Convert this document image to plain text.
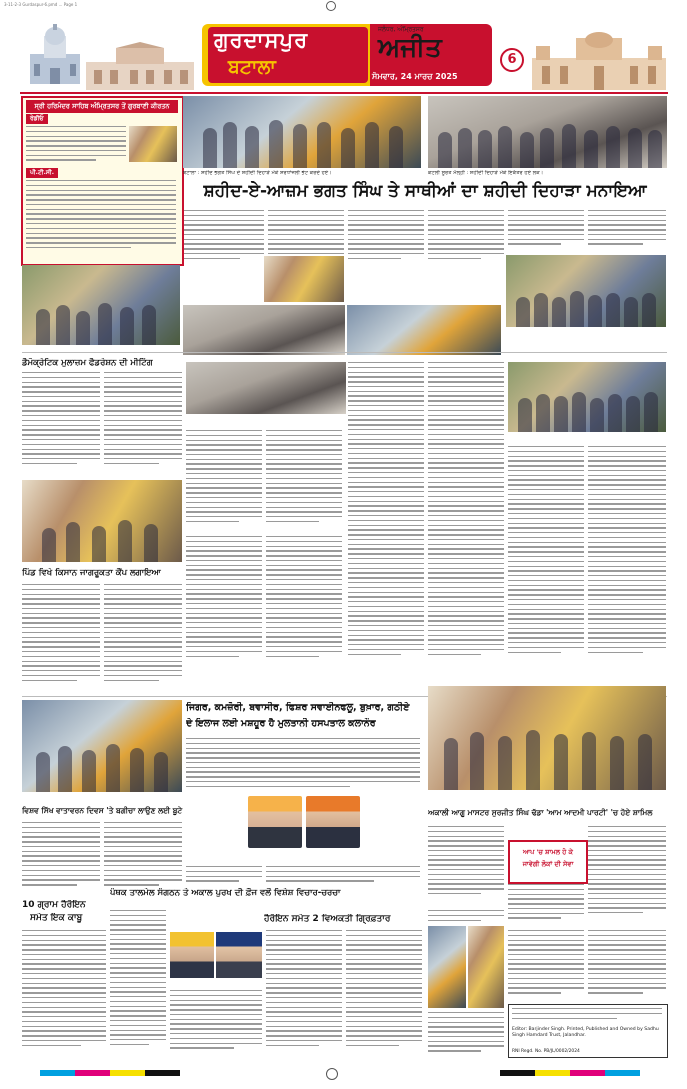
3-11-2-3 Gurdaspur-6.pmd ... Page 1
ਗੁਰਦਾਸਪੁਰ
ਬਟਾਲਾ
ਜਲੰਧਰ, ਅੰਮ੍ਰਿਤਸਰ
ਅਜੀਤ
ਸੋਮਵਾਰ, 24 ਮਾਰਚ 2025
6
ਸ੍ਰੀ ਹਰਿਮੰਦਰ ਸਾਹਿਬ ਅੰਮ੍ਰਿਤਸਰ ਤੋਂ ਗੁਰਬਾਣੀ ਕੀਰਤਨ
ਰੇਡੀਓ
ਪੀ.ਟੀ.ਸੀ.	ਬਟਾਲਾ : ਸ਼ਹੀਦ ਭਗਤ ਸਿੰਘ ਦੇ ਸ਼ਹੀਦੀ ਦਿਹਾੜੇ ਮੌਕੇ ਸ਼ਰਧਾਂਜਲੀ ਭੇਟ ਕਰਦੇ ਹੋਏ।	ਕੋਟਲੀ ਸੂਰਤ ਮੱਲ੍ਹੀ : ਸ਼ਹੀਦੀ ਦਿਹਾੜੇ ਮੌਕੇ ਇਕੱਤਰ ਹੋਏ ਲੋਕ।
ਸ਼ਹੀਦ-ਏ-ਆਜ਼ਮ ਭਗਤ ਸਿੰਘ ਤੇ ਸਾਥੀਆਂ ਦਾ ਸ਼ਹੀਦੀ ਦਿਹਾੜਾ ਮਨਾਇਆ
ਡੈਮੋਕ੍ਰੇਟਿਕ ਮੁਲਾਜ਼ਮ ਫੈਡਰੇਸ਼ਨ ਦੀ ਮੀਟਿੰਗ
ਪਿੰਡ ਵਿਖੇ ਕਿਸਾਨ ਜਾਗਰੂਕਤਾ ਕੈਂਪ ਲਗਾਇਆ
ਵਿਸ਼ਵ ਸਿੱਖ ਵਾਤਾਵਰਨ ਦਿਵਸ 'ਤੇ ਬਗੀਚਾ ਲਾਉਣ ਲਈ ਬੂਟੇ
10 ਗ੍ਰਾਮ ਹੈਰੋਇਨ
ਸਮੇਤ ਇਕ ਕਾਬੂ
ਜਿਗਰ, ਕਮਜ਼ੋਰੀ, ਬਵਾਸੀਰ, ਫਿਸ਼ਰ ਸਵਾਈਨਫਲੂ, ਬੁਖ਼ਾਰ, ਗਠੀਏ
ਦੇ ਇਲਾਜ ਲਈ ਮਸ਼ਹੂਰ ਹੈ ਮੁਲਤਾਨੀ ਹਸਪਤਾਲ ਕਲਾਨੌਰ
ਪੰਥਕ ਤਾਲਮੇਲ ਸੰਗਠਨ ਤੇ ਅਕਾਲ ਪੁਰਖ ਦੀ ਫ਼ੌਜ ਵਲੋਂ ਵਿਸ਼ੇਸ਼ ਵਿਚਾਰ-ਚਰਚਾ
ਹੈਰੋਇਨ ਸਮੇਤ 2 ਵਿਅਕਤੀ ਗ੍ਰਿਫ਼ਤਾਰ
ਅਕਾਲੀ ਆਗੂ ਮਾਸਟਰ ਸੁਰਜੀਤ ਸਿੰਘ ਢੱਡਾ 'ਆਮ ਆਦਮੀ ਪਾਰਟੀ' 'ਚ ਹੋਏ ਸ਼ਾਮਿਲ
ਆਪ 'ਚ ਸ਼ਾਮਲ ਹੋ ਕੇ
ਜਾਵੇਗੀ ਲੋਕਾਂ ਦੀ ਸੇਵਾ
Editor: Barjinder Singh. Printed, Published and Owned by Sadhu Singh Hamdard Trust, Jalandhar.
RNI Regd. No. PB/JL/0002/2024
